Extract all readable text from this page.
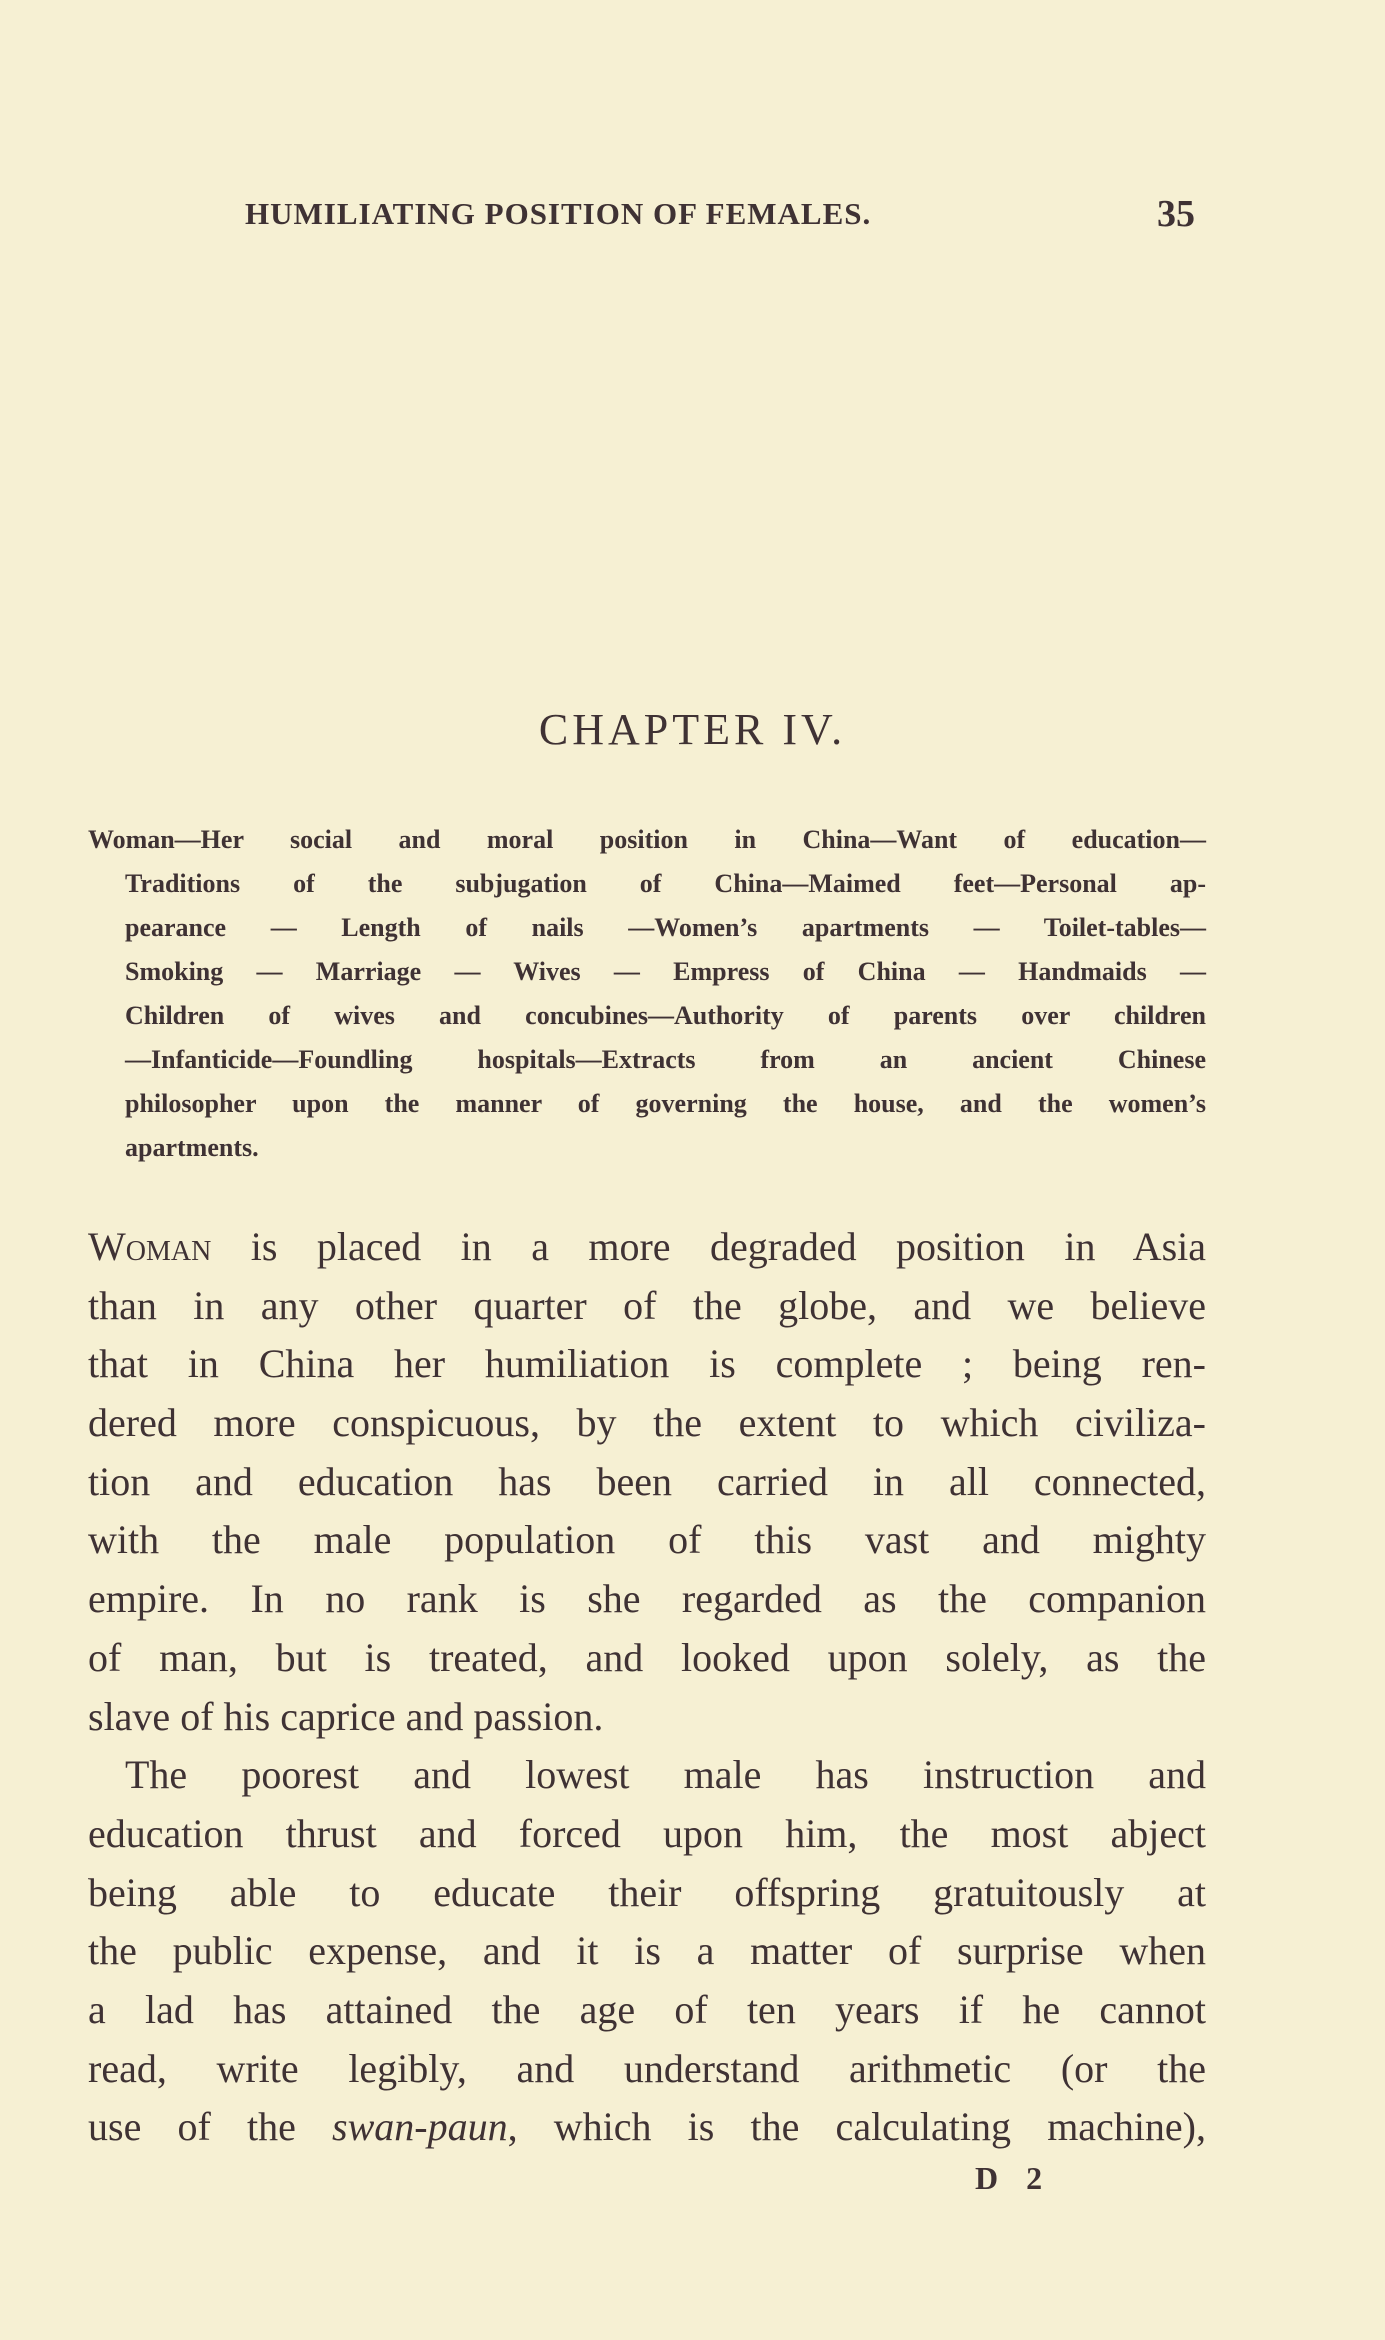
HUMILIATING POSITION OF FEMALES.	35
CHAPTER IV.
Woman—Her social and moral position in China—Want of education—
Traditions of the subjugation of China—Maimed feet—Personal ap-
pearance — Length of nails —Women’s apartments — Toilet-tables—
Smoking — Marriage — Wives — Empress of China — Handmaids —
Children of wives and concubines—Authority of parents over children
—Infanticide—Foundling hospitals—Extracts from an ancient Chinese
philosopher upon the manner of governing the house, and the women’s
apartments.
Woman is placed in a more degraded position in Asia
than in any other quarter of the globe, and we believe
that in China her humiliation is complete ; being ren-
dered more conspicuous, by the extent to which civiliza-
tion and education has been carried in all connected,
with the male population of this vast and mighty
empire. In no rank is she regarded as the companion
of man, but is treated, and looked upon solely, as the
slave of his caprice and passion.
The poorest and lowest male has instruction and
education thrust and forced upon him, the most abject
being able to educate their offspring gratuitously at
the public expense, and it is a matter of surprise when
a lad has attained the age of ten years if he cannot
read, write legibly, and understand arithmetic (or the
use of the swan-paun, which is the calculating machine),
D 2
